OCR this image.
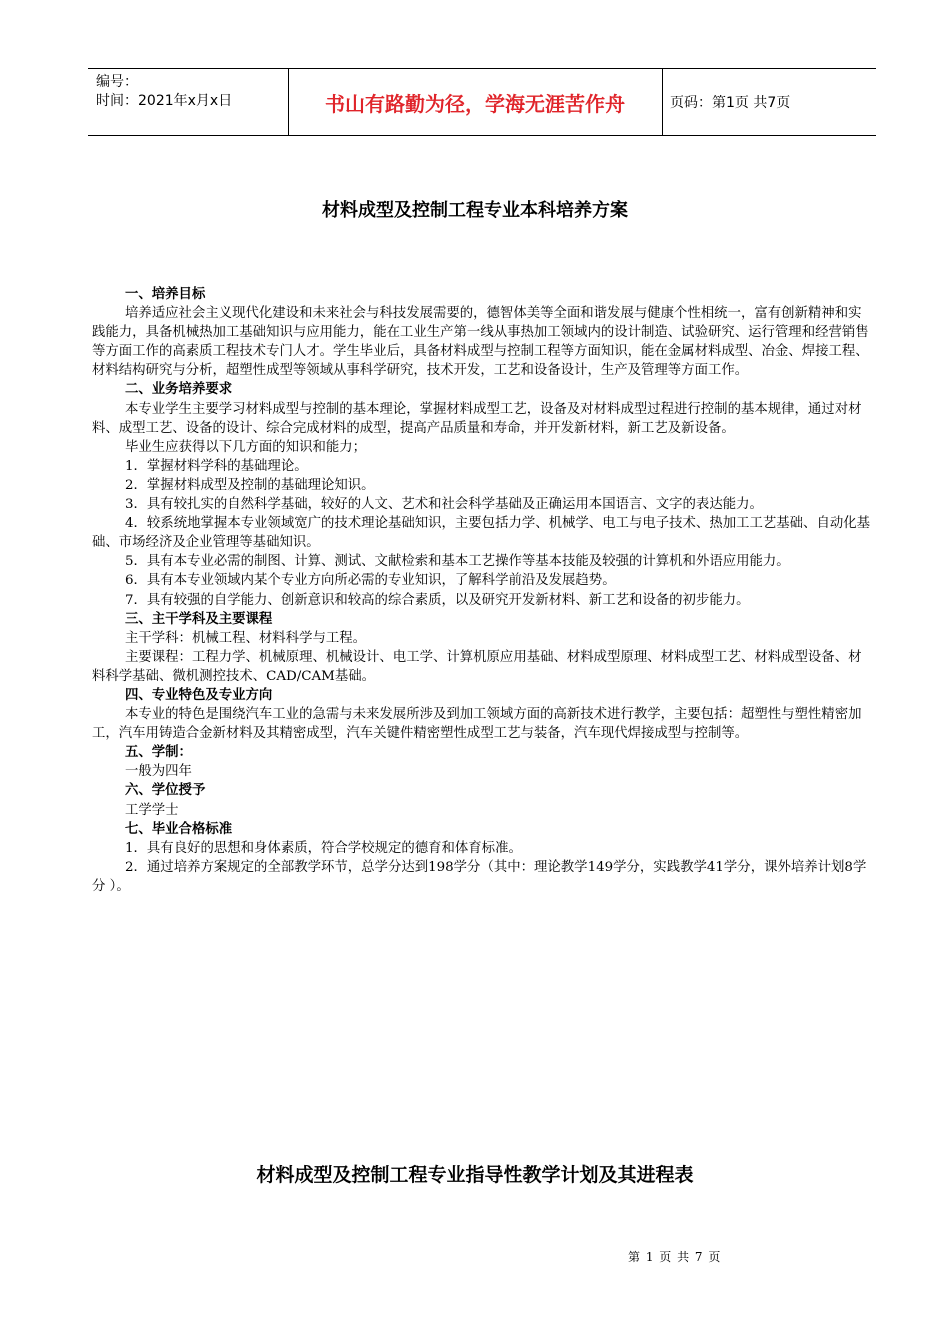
编号：
时间：2021年x月x日	书山有路勤为径，学海无涯苦作舟	页码：第1页 共7页
材料成型及控制工程专业本科培养方案

一、培养目标

培养适应社会主义现代化建设和未来社会与科技发展需要的，德智体美等全面和谐发展与健康个性相统一，富有创新精神和实践能力，具备机械热加工基础知识与应用能力，能在工业生产第一线从事热加工领域内的设计制造、试验研究、运行管理和经营销售等方面工作的高素质工程技术专门人才。学生毕业后，具备材料成型与控制工程等方面知识，能在金属材料成型、冶金、焊接工程、材料结构研究与分析，超塑性成型等领域从事科学研究，技术开发，工艺和设备设计，生产及管理等方面工作。

二、业务培养要求

本专业学生主要学习材料成型与控制的基本理论，掌握材料成型工艺，设备及对材料成型过程进行控制的基本规律，通过对材料、成型工艺、设备的设计、综合完成材料的成型，提高产品质量和寿命，并开发新材料，新工艺及新设备。

毕业生应获得以下几方面的知识和能力；

1．掌握材料学科的基础理论。

2．掌握材料成型及控制的基础理论知识。

3．具有较扎实的自然科学基础，较好的人文、艺术和社会科学基础及正确运用本国语言、文字的表达能力。

4．较系统地掌握本专业领域宽广的技术理论基础知识，主要包括力学、机械学、电工与电子技术、热加工工艺基础、自动化基础、市场经济及企业管理等基础知识。

5．具有本专业必需的制图、计算、测试、文献检索和基本工艺操作等基本技能及较强的计算机和外语应用能力。

6．具有本专业领域内某个专业方向所必需的专业知识，了解科学前沿及发展趋势。

7．具有较强的自学能力、创新意识和较高的综合素质，以及研究开发新材料、新工艺和设备的初步能力。

三、主干学科及主要课程

主干学科：机械工程、材料科学与工程。

主要课程：工程力学、机械原理、机械设计、电工学、计算机原应用基础、材料成型原理、材料成型工艺、材料成型设备、材料科学基础、微机测控技术、CAD/CAM基础。

四、专业特色及专业方向

本专业的特色是围绕汽车工业的急需与未来发展所涉及到加工领域方面的高新技术进行教学，主要包括：超塑性与塑性精密加工，汽车用铸造合金新材料及其精密成型，汽车关键件精密塑性成型工艺与装备，汽车现代焊接成型与控制等。

五、学制：

一般为四年

六、学位授予

工学学士

七、毕业合格标准

1．具有良好的思想和身体素质，符合学校规定的德育和体育标准。

2．通过培养方案规定的全部教学环节，总学分达到198学分（其中：理论教学149学分，实践教学41学分，课外培养计划8学分 ）。

材料成型及控制工程专业指导性教学计划及其进程表
第 1 页 共 7 页
